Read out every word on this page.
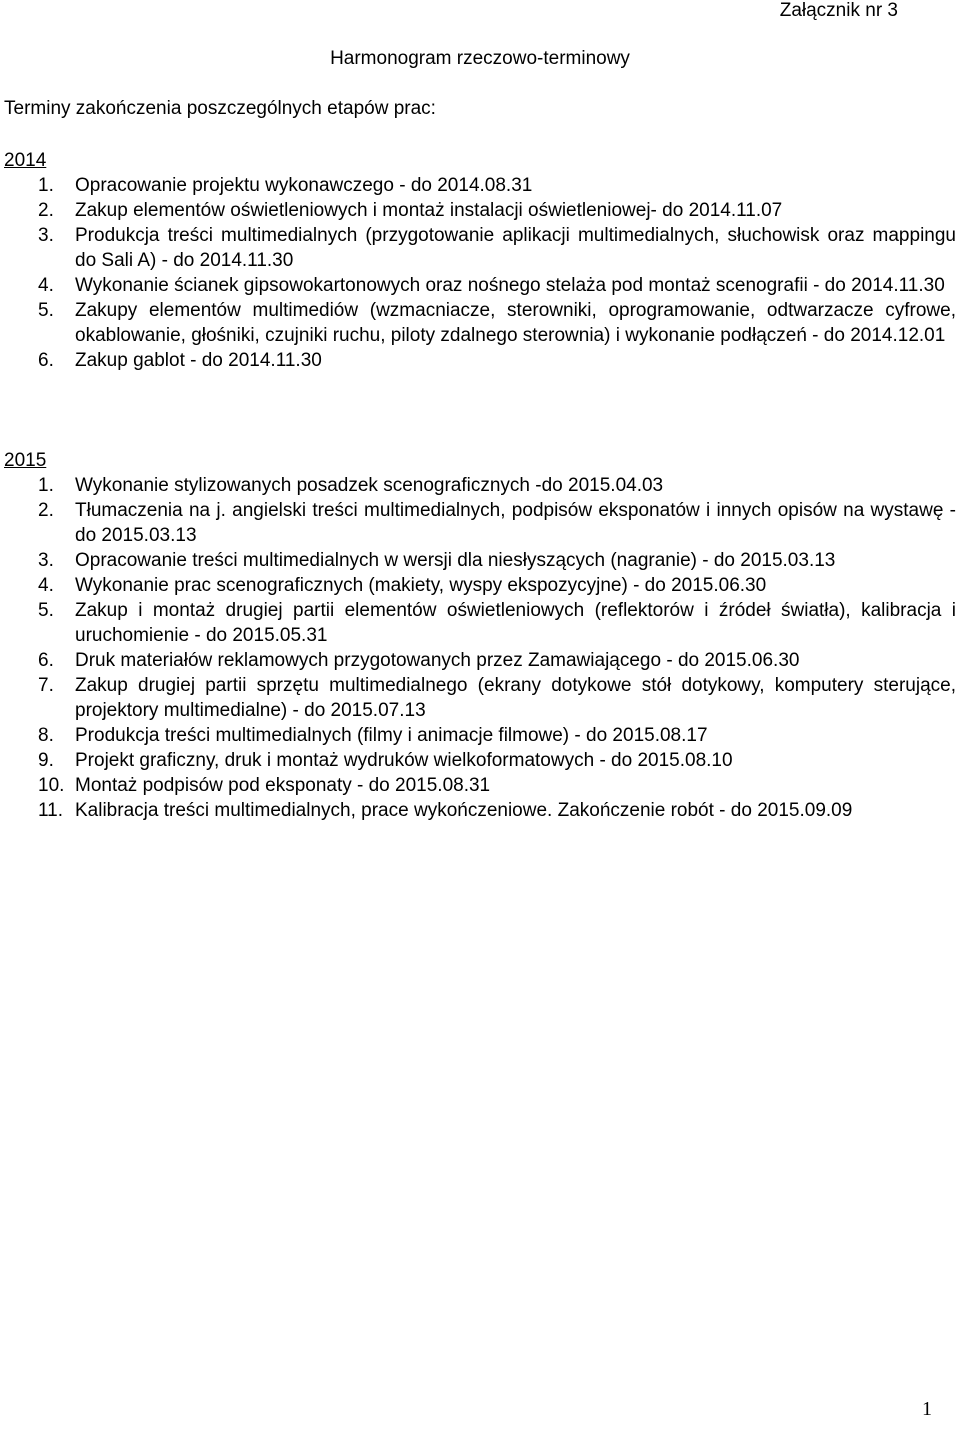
Załącznik nr 3
Harmonogram rzeczowo-terminowy
Terminy zakończenia poszczególnych etapów prac:
2014
1. Opracowanie projektu wykonawczego - do 2014.08.31
2. Zakup elementów oświetleniowych i montaż instalacji oświetleniowej- do 2014.11.07
3. Produkcja treści multimedialnych (przygotowanie aplikacji multimedialnych, słuchowisk oraz mappingu do Sali A) - do 2014.11.30
4. Wykonanie ścianek gipsowokartonowych oraz nośnego stelaża pod montaż scenografii - do 2014.11.30
5. Zakupy elementów multimediów (wzmacniacze, sterowniki, oprogramowanie, odtwarzacze cyfrowe, okablowanie, głośniki, czujniki ruchu, piloty zdalnego sterownia) i wykonanie podłączeń - do 2014.12.01
6. Zakup gablot - do 2014.11.30
2015
1. Wykonanie stylizowanych posadzek scenograficznych -do 2015.04.03
2. Tłumaczenia na j. angielski treści multimedialnych, podpisów eksponatów i innych opisów na wystawę - do 2015.03.13
3. Opracowanie treści multimedialnych w wersji dla niesłyszących (nagranie) - do 2015.03.13
4. Wykonanie prac scenograficznych (makiety, wyspy ekspozycyjne) - do 2015.06.30
5. Zakup i montaż drugiej partii elementów oświetleniowych (reflektorów i źródeł światła), kalibracja i uruchomienie - do 2015.05.31
6. Druk materiałów reklamowych przygotowanych przez Zamawiającego - do 2015.06.30
7. Zakup drugiej partii sprzętu multimedialnego (ekrany dotykowe stół dotykowy, komputery sterujące, projektory multimedialne) - do 2015.07.13
8. Produkcja treści multimedialnych (filmy i animacje filmowe) - do 2015.08.17
9. Projekt graficzny, druk i montaż wydruków wielkoformatowych - do 2015.08.10
10. Montaż podpisów pod eksponaty - do 2015.08.31
11. Kalibracja treści multimedialnych, prace wykończeniowe. Zakończenie robót - do 2015.09.09
1
